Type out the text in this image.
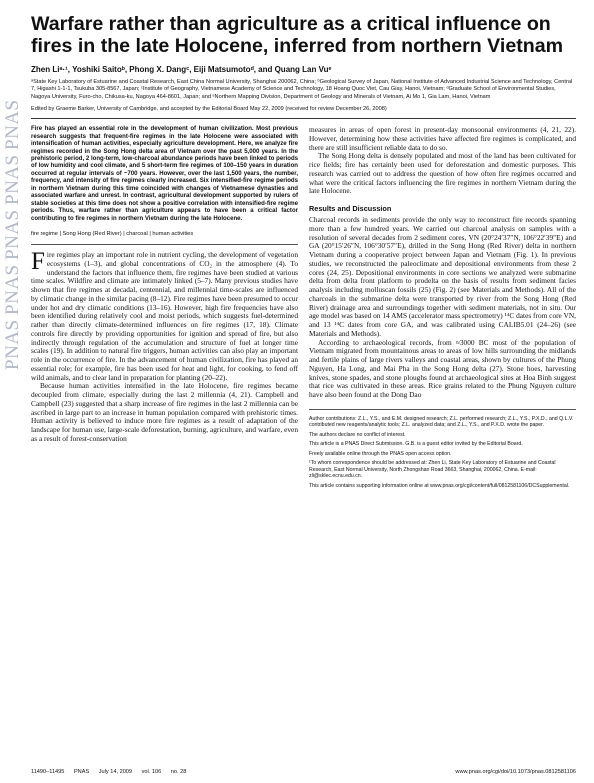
PNAS
PNAS
PNAS
PNAS
PNAS
Warfare rather than agriculture as a critical influence on fires in the late Holocene, inferred from northern Vietnam
Zhen Liᵃ·¹, Yoshiki Saitoᵇ, Phong X. Dangᶜ, Eiji Matsumotoᵈ, and Quang Lan Vuᵉ
ᵃState Key Laboratory of Estuarine and Coastal Research, East China Normal University, Shanghai 200062, China; ᵇGeological Survey of Japan, National Institute of Advanced Industrial Science and Technology, Central 7, Higashi 1-1-1, Tsukuba 305-8567, Japan; ᶜInstitute of Geography, Vietnamese Academy of Science and Technology, 18 Hoang Quoc Viet, Cau Giay, Hanoi, Vietnam; ᵈGraduate School of Environmental Studies, Nagoya University, Furo-cho, Chikusa-ku, Nagoya 464-8601, Japan; and ᵉNorthern Mapping Division, Department of Geology and Minerals of Vietnam, Ai Mo 1, Gia Lam, Hanoi, Vietnam
Edited by Graeme Barker, University of Cambridge, and accepted by the Editorial Board May 22, 2009 (received for review December 26, 2008)

Fire has played an essential role in the development of human civilization. Most previous research suggests that frequent-fire regimes in the late Holocene were associated with intensification of human activities, especially agriculture development. Here, we analyze fire regimes recorded in the Song Hong delta area of Vietnam over the past 5,000 years. In the prehistoric period, 2 long-term, low-charcoal abundance periods have been linked to periods of low humidity and cool climate, and 5 short-term fire regimes of 100–150 years in duration occurred at regular intervals of ~700 years. However, over the last 1,500 years, the number, frequency, and intensity of fire regimes clearly increased. Six intensified-fire regime periods in northern Vietnam during this time coincided with changes of Vietnamese dynasties and associated warfare and unrest. In contrast, agricultural development supported by rulers of stable societies at this time does not show a positive correlation with intensified-fire regime periods. Thus, warfare rather than agriculture appears to have been a critical factor contributing to fire regimes in northern Vietnam during the late Holocene.

fire regime | Song Hong (Red River) | charcoal | human activities

Fire regimes play an important role in nutrient cycling, the development of vegetation ecosystems (1–3), and global concentrations of CO₂ in the atmosphere (4). To understand the factors that influence them, fire regimes have been studied at various time scales. Wildfire and climate are intimately linked (5–7). Many previous studies have shown that fire regimes at decadal, centennial, and millennial time-scales are influenced by climatic change in the similar pacing (8–12). Fire regimes have been presumed to occur under hot and dry climatic conditions (13–16). However, high fire frequencies have also been identified during relatively cool and moist periods, which suggests fuel-determined rather than directly climate-determined influences on fire regimes (17, 18). Climate controls fire directly by providing opportunities for ignition and spread of fire, but also indirectly through regulation of the accumulation and structure of fuel at longer time scales (19). In addition to natural fire triggers, human activities can also play an important role in the occurrence of fire. In the advancement of human civilization, fire has played an essential role; for example, fire has been used for heat and light, for cooking, to fend off wild animals, and to clear land in preparation for planting (20–22).

Because human activities intensified in the late Holocene, fire regimes became decoupled from climate, especially during the last 2 millennia (4, 21). Campbell and Campbell (23) suggested that a sharp increase of fire regimes in the last 2 millennia can be ascribed in large part to an increase in human population compared with prehistoric times. Human activity is believed to induce more fire regimes as a result of adaptation of the landscape for human use, large-scale deforestation, burning, agriculture, and warfare, even as a result of forest-conservation

measures in areas of open forest in present-day monsoonal environments (4, 21, 22). However, determining how these activities have affected fire regimes is complicated, and there are still insufficient reliable data to do so.

The Song Hong delta is densely populated and most of the land has been cultivated for rice fields; fire has certainly been used for deforestation and domestic purposes. This research was carried out to address the question of how often fire regimes occurred and what were the critical factors influencing the fire regimes in northern Vietnam during the late Holocene.

Results and Discussion

Charcoal records in sediments provide the only way to reconstruct fire records spanning more than a few hundred years. We carried out charcoal analysis on samples with a resolution of several decades from 2 sediment cores, VN (20°24′37″N, 106°22′39″E) and GA (20°15′26″N, 106°30′57″E), drilled in the Song Hong (Red River) delta in northern Vietnam during a cooperative project between Japan and Vietnam (Fig. 1). In previous studies, we reconstructed the paleoclimate and depositional environments from these 2 cores (24, 25). Depositional environments in core sections we analyzed were submarine delta from delta front platform to prodelta on the basis of results from sediment facies analysis including molluscan fossils (25) (Fig. 2) (see Materials and Methods). All of the charcoals in the submarine delta were transported by river from the Song Hong (Red River) drainage area and surroundings together with sediment materials, not in situ. Our age model was based on 14 AMS (accelerator mass spectrometry) ¹⁴C dates from core VN, and 13 ¹⁴C dates from core GA, and was calibrated using CALIB5.01 (24–26) (see Materials and Methods).

According to archaeological records, from ≈3000 BC most of the population of Vietnam migrated from mountainous areas to areas of low hills surrounding the midlands and fertile plains of large rivers valleys and coastal areas, shown by cultures of the Phung Nguyen, Ha Long, and Mai Pha in the Song Hong delta (27). Stone hoes, harvesting knives, stone spades, and stone ploughs found at archaeological sites at Hoa Binh suggest that rice was cultivated in these areas. Rice grains related to the Phung Nguyen culture have also been found at the Dong Dao

Author contributions: Z.L., Y.S., and E.M. designed research; Z.L. performed research; Z.L., Y.S., P.X.D., and Q.L.V. contributed new reagents/analytic tools; Z.L. analyzed data; and Z.L., Y.S., and P.X.D. wrote the paper.

The authors declare no conflict of interest.

This article is a PNAS Direct Submission. G.B. is a guest editor invited by the Editorial Board.

Freely available online through the PNAS open access option.

¹To whom correspondence should be addressed at: Zhen Li, State Key Laboratory of Estuarine and Coastal Research, East Normal University, North Zhongshan Road 3663, Shanghai, 200062, China. E-mail: zli@sklec.ecnu.edu.cn.

This article contains supporting information online at www.pnas.org/cgi/content/full/0812581106/DCSupplemental.

11490–11495 PNAS July 14, 2009 vol. 106 no. 28	www.pnas.org/cgi/doi/10.1073/pnas.0812581106
